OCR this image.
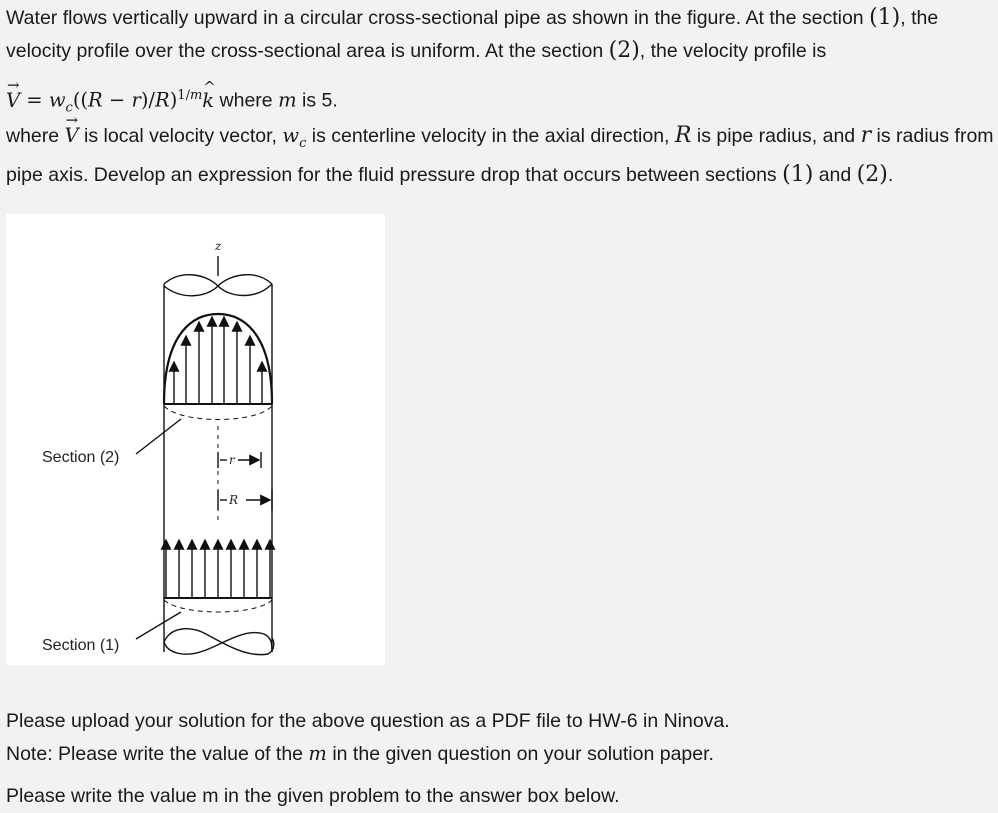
Water flows vertically upward in a circular cross-sectional pipe as shown in the figure. At the section (1), the velocity profile over the cross-sectional area is uniform. At the section (2), the velocity profile is

→ $V = w_c((R$ − $r)/R)^{1/m}\^{}$ k where m is 5.

where → V is local velocity vector, $w_c$ is centerline velocity in the axial direction, R is pipe radius, and r is radius from pipe axis. Develop an expression for the fluid pressure drop that occurs between sections (1) and (2).

z
r
R
Section (2)
Section (1)

Please upload your solution for the above question as a PDF file to HW-6 in Ninova.

Note: Please write the value of the m in the given question on your solution paper.

Please write the value m in the given problem to the answer box below.
